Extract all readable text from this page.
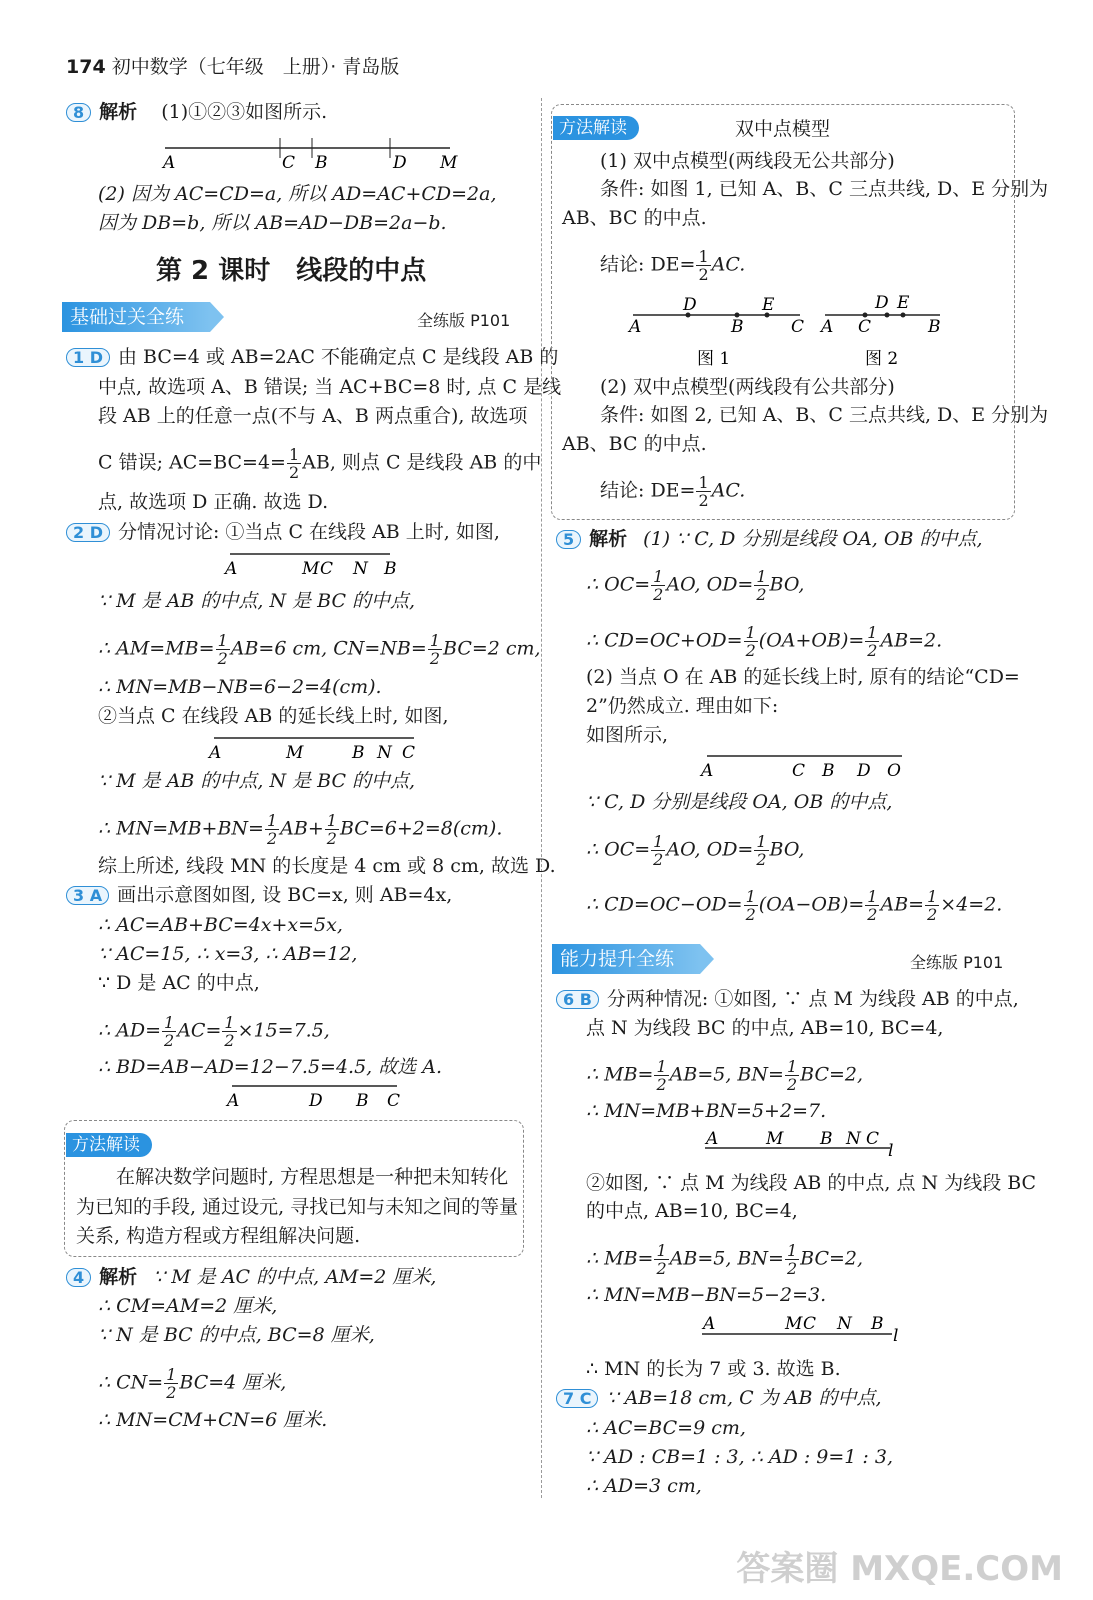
174 初中数学（七年级　上册）· 青岛版
8 解析 (1)①②③如图所示.
A	C B	D M
(2) 因为 AC=CD=a, 所以 AD=AC+CD=2a,
因为 DB=b, 所以 AB=AD−DB=2a−b.
第 2 课时　线段的中点
基础过关全练	全练版 P101
1 D 由 BC=4 或 AB=2AC 不能确定点 C 是线段 AB 的
中点, 故选项 A、B 错误; 当 AC+BC=8 时, 点 C 是线
段 AB 上的任意一点(不与 A、B 两点重合), 故选项
C 错误; $AC=BC=4= \frac{1}{2}$ AB, 则点 C 是线段 AB 的中
点, 故选项 D 正确. 故选 D.
2 D 分情况讨论: ①当点 C 在线段 AB 上时, 如图,
A	M C N B
∵ M 是 AB 的中点, N 是 BC 的中点,
∴ $AM=MB= \frac{1}{2} AB=6$ cm, $CN=NB= \frac{1}{2} BC=2$ cm,
∴ MN=MB−NB=6−2=4(cm).
②当点 C 在线段 AB 的延长线上时, 如图,
A	M	B N C
∵ M 是 AB 的中点, N 是 BC 的中点,
∴ $MN=MB+BN= \frac{1}{2} AB+ \frac{1}{2} BC=6+2=8(cm)$.
综上所述, 线段 MN 的长度是 4 cm 或 8 cm, 故选 D.
3 A 画出示意图如图, 设 BC=x, 则 AB=4x,
∴ AC=AB+BC=4x+x=5x,
∵ AC=15, ∴ x=3, ∴ AB=12,
∵ D 是 AC 的中点,
∴ $AD= \frac{1}{2} AC= \frac{1}{2} \times 15=7.5$,
∴ BD=AB−AD=12−7.5=4.5, 故选 A.
A	D B C
方法解读
在解决数学问题时, 方程思想是一种把未知转化
为已知的手段, 通过设元, 寻找已知与未知之间的等量
关系, 构造方程或方程组解决问题.
4 解析 ∵ M 是 AC 的中点, AM=2 厘米,
∴ CM=AM=2 厘米,
∵ N 是 BC 的中点, BC=8 厘米,
∴ $CN= \frac{1}{2} BC=4$ 厘米,
∴ MN=CM+CN=6 厘米.
方法解读	双中点模型
(1) 双中点模型(两线段无公共部分)
条件: 如图 1, 已知 A、B、C 三点共线, D、E 分别为
AB、BC 的中点.
结论: $DE= \frac{1}{2}$ AC.
A
D
B
E
C A C
D E
B
图 1	图 2
(2) 双中点模型(两线段有公共部分)
条件: 如图 2, 已知 A、B、C 三点共线, D、E 分别为
AB、BC 的中点.
结论: $DE= \frac{1}{2}$ AC.
5 解析 (1) ∵ C, D 分别是线段 OA, OB 的中点,
∴ $OC= \frac{1}{2}$ AO, $OD= \frac{1}{2}$ BO,
∴ $CD=OC+OD= \frac{1}{2} (OA+OB)= \frac{1}{2} AB=2$.
(2) 当点 O 在 AB 的延长线上时, 原有的结论“CD=
2”仍然成立. 理由如下:
如图所示,
A	C B D O
∵ C, D 分别是线段 OA, OB 的中点,
∴ $OC= \frac{1}{2}$ AO, $OD= \frac{1}{2}$ BO,
∴ $CD=OC-OD= \frac{1}{2} (OA-OB)= \frac{1}{2} AB= \frac{1}{2} \times 4=2$.
能力提升全练	全练版 P101
6 B 分两种情况: ①如图, ∵ 点 M 为线段 AB 的中点,
点 N 为线段 BC 的中点, AB=10, BC=4,
∴ $MB= \frac{1}{2} AB=5$, $BN= \frac{1}{2} BC=2$,
∴ MN=MB+BN=5+2=7.
A	M B N C
l
②如图, ∵ 点 M 为线段 AB 的中点, 点 N 为线段 BC
的中点, AB=10, BC=4,
∴ $MB= \frac{1}{2} AB=5$, $BN= \frac{1}{2} BC=2$,
∴ MN=MB−BN=5−2=3.
A	M C N B
l
∴ MN 的长为 7 或 3. 故选 B.
7 C ∵ AB=18 cm, C 为 AB 的中点,
∴ AC=BC=9 cm,
∵ AD : CB=1 : 3, ∴ AD : 9=1 : 3,
∴ AD=3 cm,
答案圈 MXQE.COM
